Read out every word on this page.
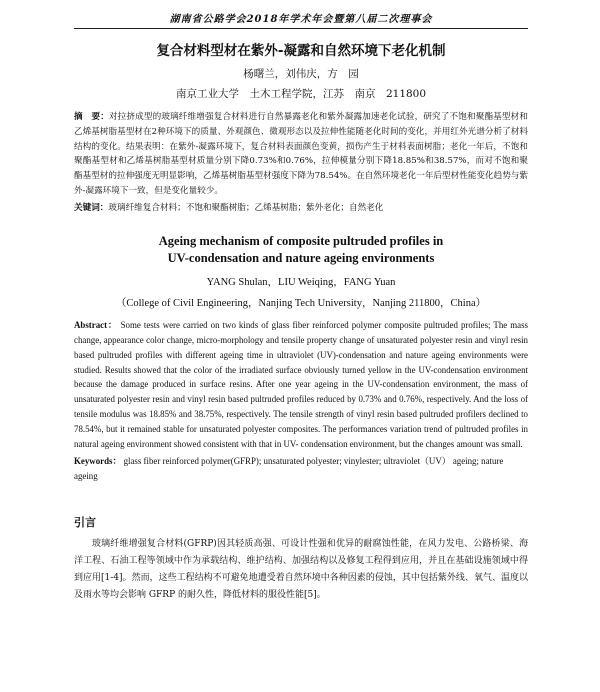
湖南省公路学会2018年学术年会暨第八届二次理事会
复合材料型材在紫外-凝露和自然环境下老化机制
杨曙兰，刘伟庆，方　园
南京工业大学　土木工程学院，江苏　南京　211800
摘　要：对拉挤成型的玻璃纤维增强复合材料进行自然暴露老化和紫外凝露加速老化试验，研究了不饱和聚酯基型材和乙烯基树脂基型材在2种环境下的质量、外观颜色、微观形态以及拉伸性能随老化时间的变化，并用红外光谱分析了材料结构的变化。结果表明：在紫外-凝露环境下，复合材料表面颜色变黄，损伤产生于材料表面树脂；老化一年后，不饱和聚酯基型材和乙烯基树脂基型材质量分别下降0.73%和0.76%，拉伸模量分别下降18.85%和38.57%，而对不饱和聚酯基型材的拉伸强度无明显影响，乙烯基树脂基型材强度下降为78.54%。在自然环境老化一年后型材性能变化趋势与紫外-凝露环境下一致，但是变化量较少。
关键词：玻璃纤维复合材料；不饱和聚酯树脂；乙烯基树脂；紫外老化；自然老化
Ageing mechanism of composite pultruded profiles in
UV-condensation and nature ageing environments
YANG Shulan，LIU Weiqing，FANG Yuan
（College of Civil Engineering，Nanjing Tech University，Nanjing 211800，China）
Abstract： Some tests were carried on two kinds of glass fiber reinforced polymer composite pultruded profiles; The mass change, appearance color change, micro-morphology and tensile property change of unsaturated polyester resin and vinyl resin based pultruded profiles with different ageing time in ultraviolet (UV)-condensation and nature ageing environments were studied. Results showed that the color of the irradiated surface obviously turned yellow in the UV-condensation environment because the damage produced in surface resins. After one year ageing in the UV-condensation environment, the mass of unsaturated polyester resin and vinyl resin based pultruded profiles reduced by 0.73% and 0.76%, respectively. And the loss of tensile modulus was 18.85% and 38.75%, respectively. The tensile strength of vinyl resin based pultruded profilers declined to 78.54%, but it remained stable for unsaturated polyester composites. The performances variation trend of pultruded profiles in natural ageing environment showed consistent with that in UV- condensation environment, but the changes amount was small.
Keywords： glass fiber reinforced polymer(GFRP); unsaturated polyester; vinylester; ultraviolet（UV） ageing; nature ageing
引言
玻璃纤维增强复合材料(GFRP)因其轻质高强、可设计性强和优异的耐腐蚀性能，在风力发电、公路桥梁、海洋工程、石油工程等领域中作为承载结构、维护结构、加强结构以及修复工程得到应用，并且在基础设施领域中得到应用[1-4]。然而，这些工程结构不可避免地遭受着自然环境中各种因素的侵蚀，其中包括紫外线、氧气、温度以及雨水等均会影响 GFRP 的耐久性，降低材料的服役性能[5]。
